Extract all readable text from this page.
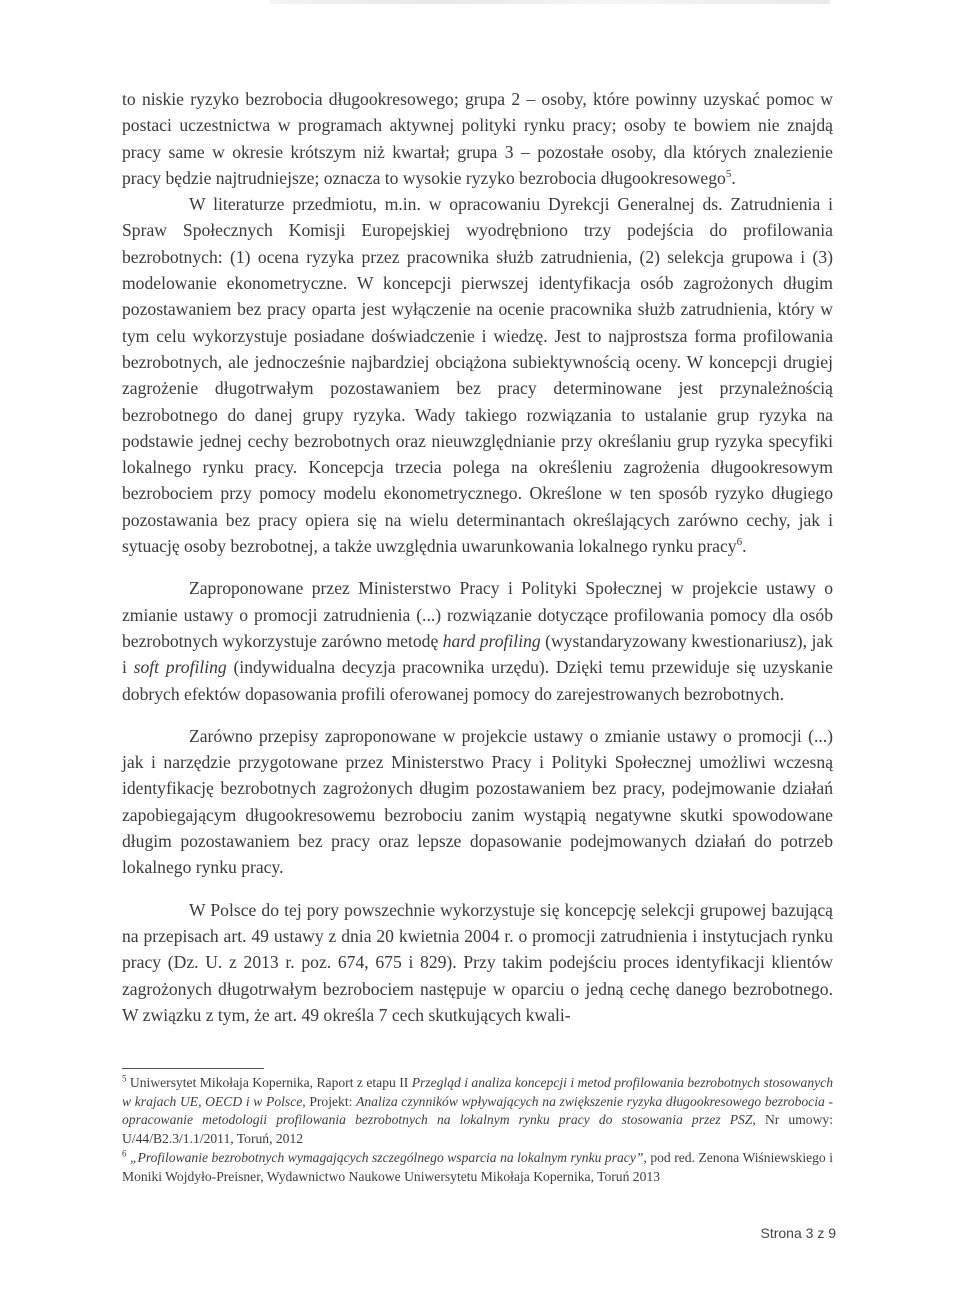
to niskie ryzyko bezrobocia długookresowego; grupa 2 – osoby, które powinny uzyskać pomoc w postaci uczestnictwa w programach aktywnej polityki rynku pracy; osoby te bowiem nie znajdą pracy same w okresie krótszym niż kwartał; grupa 3 – pozostałe osoby, dla których znalezienie pracy będzie najtrudniejsze; oznacza to wysokie ryzyko bezrobocia długookresowego$^5$.

W literaturze przedmiotu, m.in. w opracowaniu Dyrekcji Generalnej ds. Zatrudnienia i Spraw Społecznych Komisji Europejskiej wyodrębniono trzy podejścia do profilowania bezrobotnych: (1) ocena ryzyka przez pracownika służb zatrudnienia, (2) selekcja grupowa i (3) modelowanie ekonometryczne. W koncepcji pierwszej identyfikacja osób zagrożonych długim pozostawaniem bez pracy oparta jest wyłączenie na ocenie pracownika służb zatrudnienia, który w tym celu wykorzystuje posiadane doświadczenie i wiedzę. Jest to najprostsza forma profilowania bezrobotnych, ale jednocześnie najbardziej obciążona subiektywnością oceny. W koncepcji drugiej zagrożenie długotrwałym pozostawaniem bez pracy determinowane jest przynależnością bezrobotnego do danej grupy ryzyka. Wady takiego rozwiązania to ustalanie grup ryzyka na podstawie jednej cechy bezrobotnych oraz nieuwzględnianie przy określaniu grup ryzyka specyfiki lokalnego rynku pracy. Koncepcja trzecia polega na określeniu zagrożenia długookresowym bezrobociem przy pomocy modelu ekonometrycznego. Określone w ten sposób ryzyko długiego pozostawania bez pracy opiera się na wielu determinantach określających zarówno cechy, jak i sytuację osoby bezrobotnej, a także uwzględnia uwarunkowania lokalnego rynku pracy$^6$.

Zaproponowane przez Ministerstwo Pracy i Polityki Społecznej w projekcie ustawy o zmianie ustawy o promocji zatrudnienia (...) rozwiązanie dotyczące profilowania pomocy dla osób bezrobotnych wykorzystuje zarówno metodę hard profiling (wystandaryzowany kwestionariusz), jak i soft profiling (indywidualna decyzja pracownika urzędu). Dzięki temu przewiduje się uzyskanie dobrych efektów dopasowania profili oferowanej pomocy do zarejestrowanych bezrobotnych.

Zarówno przepisy zaproponowane w projekcie ustawy o zmianie ustawy o promocji (...) jak i narzędzie przygotowane przez Ministerstwo Pracy i Polityki Społecznej umożliwi wczesną identyfikację bezrobotnych zagrożonych długim pozostawaniem bez pracy, podejmowanie działań zapobiegającym długookresowemu bezrobociu zanim wystąpią negatywne skutki spowodowane długim pozostawaniem bez pracy oraz lepsze dopasowanie podejmowanych działań do potrzeb lokalnego rynku pracy.

W Polsce do tej pory powszechnie wykorzystuje się koncepcję selekcji grupowej bazującą na przepisach art. 49 ustawy z dnia 20 kwietnia 2004 r. o promocji zatrudnienia i instytucjach rynku pracy (Dz. U. z 2013 r. poz. 674, 675 i 829). Przy takim podejściu proces identyfikacji klientów zagrożonych długotrwałym bezrobociem następuje w oparciu o jedną cechę danego bezrobotnego. W związku z tym, że art. 49 określa 7 cech skutkujących kwali-

$^5$ Uniwersytet Mikołaja Kopernika, Raport z etapu II Przegląd i analiza koncepcji i metod profilowania bezrobotnych stosowanych w krajach UE, OECD i w Polsce, Projekt: Analiza czynników wpływających na zwiększenie ryzyka długookresowego bezrobocia - opracowanie metodologii profilowania bezrobotnych na lokalnym rynku pracy do stosowania przez PSZ, Nr umowy: U/44/B2.3/1.1/2011, Toruń, 2012

$^6$ „Profilowanie bezrobotnych wymagających szczególnego wsparcia na lokalnym rynku pracy”, pod red. Zenona Wiśniewskiego i Moniki Wojdyło-Preisner, Wydawnictwo Naukowe Uniwersytetu Mikołaja Kopernika, Toruń 2013

Strona 3 z 9
